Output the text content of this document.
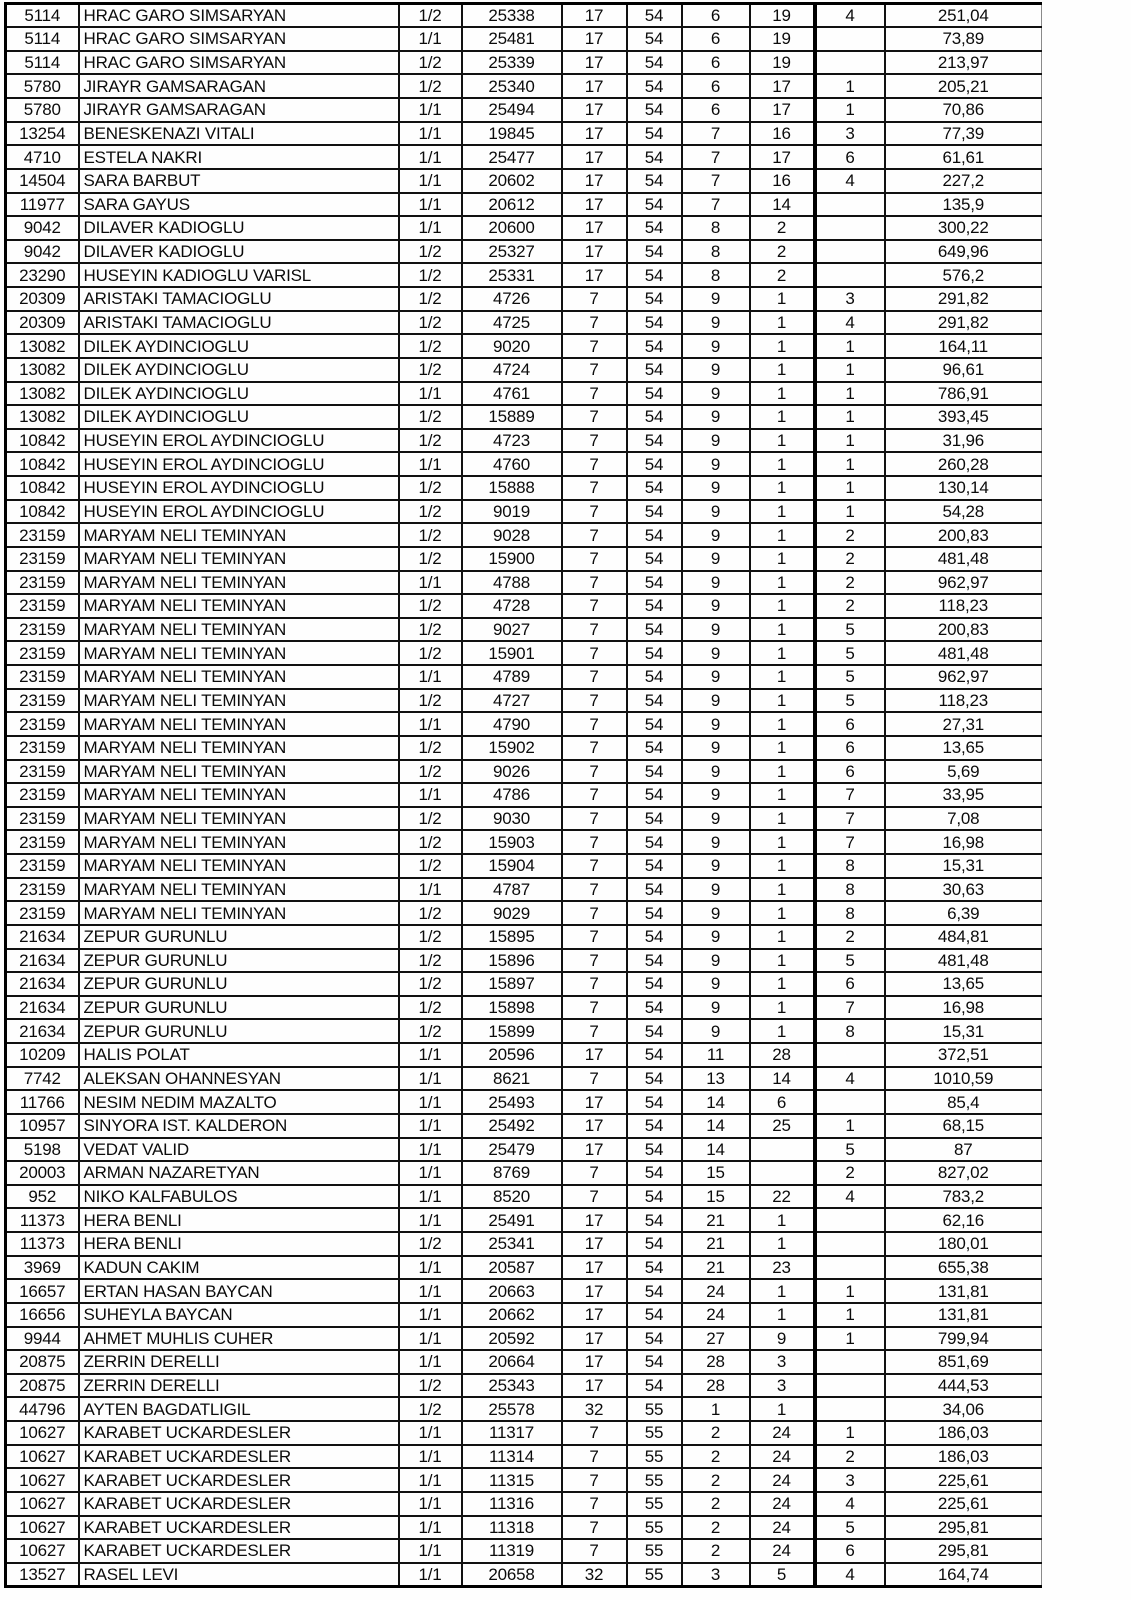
5114	HRAC GARO SIMSARYAN	1/2	25338	17	54	6	19	4	251,04
5114	HRAC GARO SIMSARYAN	1/1	25481	17	54	6	19		73,89
5114	HRAC GARO SIMSARYAN	1/2	25339	17	54	6	19		213,97
5780	JIRAYR GAMSARAGAN	1/2	25340	17	54	6	17	1	205,21
5780	JIRAYR GAMSARAGAN	1/1	25494	17	54	6	17	1	70,86
13254	BENESKENAZI VITALI	1/1	19845	17	54	7	16	3	77,39
4710	ESTELA NAKRI	1/1	25477	17	54	7	17	6	61,61
14504	SARA BARBUT	1/1	20602	17	54	7	16	4	227,2
11977	SARA GAYUS	1/1	20612	17	54	7	14		135,9
9042	DILAVER KADIOGLU	1/1	20600	17	54	8	2		300,22
9042	DILAVER KADIOGLU	1/2	25327	17	54	8	2		649,96
23290	HUSEYIN KADIOGLU VARISL	1/2	25331	17	54	8	2		576,2
20309	ARISTAKI TAMACIOGLU	1/2	4726	7	54	9	1	3	291,82
20309	ARISTAKI TAMACIOGLU	1/2	4725	7	54	9	1	4	291,82
13082	DILEK AYDINCIOGLU	1/2	9020	7	54	9	1	1	164,11
13082	DILEK AYDINCIOGLU	1/2	4724	7	54	9	1	1	96,61
13082	DILEK AYDINCIOGLU	1/1	4761	7	54	9	1	1	786,91
13082	DILEK AYDINCIOGLU	1/2	15889	7	54	9	1	1	393,45
10842	HUSEYIN EROL AYDINCIOGLU	1/2	4723	7	54	9	1	1	31,96
10842	HUSEYIN EROL AYDINCIOGLU	1/1	4760	7	54	9	1	1	260,28
10842	HUSEYIN EROL AYDINCIOGLU	1/2	15888	7	54	9	1	1	130,14
10842	HUSEYIN EROL AYDINCIOGLU	1/2	9019	7	54	9	1	1	54,28
23159	MARYAM NELI TEMINYAN	1/2	9028	7	54	9	1	2	200,83
23159	MARYAM NELI TEMINYAN	1/2	15900	7	54	9	1	2	481,48
23159	MARYAM NELI TEMINYAN	1/1	4788	7	54	9	1	2	962,97
23159	MARYAM NELI TEMINYAN	1/2	4728	7	54	9	1	2	118,23
23159	MARYAM NELI TEMINYAN	1/2	9027	7	54	9	1	5	200,83
23159	MARYAM NELI TEMINYAN	1/2	15901	7	54	9	1	5	481,48
23159	MARYAM NELI TEMINYAN	1/1	4789	7	54	9	1	5	962,97
23159	MARYAM NELI TEMINYAN	1/2	4727	7	54	9	1	5	118,23
23159	MARYAM NELI TEMINYAN	1/1	4790	7	54	9	1	6	27,31
23159	MARYAM NELI TEMINYAN	1/2	15902	7	54	9	1	6	13,65
23159	MARYAM NELI TEMINYAN	1/2	9026	7	54	9	1	6	5,69
23159	MARYAM NELI TEMINYAN	1/1	4786	7	54	9	1	7	33,95
23159	MARYAM NELI TEMINYAN	1/2	9030	7	54	9	1	7	7,08
23159	MARYAM NELI TEMINYAN	1/2	15903	7	54	9	1	7	16,98
23159	MARYAM NELI TEMINYAN	1/2	15904	7	54	9	1	8	15,31
23159	MARYAM NELI TEMINYAN	1/1	4787	7	54	9	1	8	30,63
23159	MARYAM NELI TEMINYAN	1/2	9029	7	54	9	1	8	6,39
21634	ZEPUR GURUNLU	1/2	15895	7	54	9	1	2	484,81
21634	ZEPUR GURUNLU	1/2	15896	7	54	9	1	5	481,48
21634	ZEPUR GURUNLU	1/2	15897	7	54	9	1	6	13,65
21634	ZEPUR GURUNLU	1/2	15898	7	54	9	1	7	16,98
21634	ZEPUR GURUNLU	1/2	15899	7	54	9	1	8	15,31
10209	HALIS POLAT	1/1	20596	17	54	11	28		372,51
7742	ALEKSAN OHANNESYAN	1/1	8621	7	54	13	14	4	1010,59
11766	NESIM NEDIM MAZALTO	1/1	25493	17	54	14	6		85,4
10957	SINYORA IST. KALDERON	1/1	25492	17	54	14	25	1	68,15
5198	VEDAT VALID	1/1	25479	17	54	14		5	87
20003	ARMAN NAZARETYAN	1/1	8769	7	54	15		2	827,02
952	NIKO KALFABULOS	1/1	8520	7	54	15	22	4	783,2
11373	HERA BENLI	1/1	25491	17	54	21	1		62,16
11373	HERA BENLI	1/2	25341	17	54	21	1		180,01
3969	KADUN CAKIM	1/1	20587	17	54	21	23		655,38
16657	ERTAN HASAN BAYCAN	1/1	20663	17	54	24	1	1	131,81
16656	SUHEYLA BAYCAN	1/1	20662	17	54	24	1	1	131,81
9944	AHMET MUHLIS CUHER	1/1	20592	17	54	27	9	1	799,94
20875	ZERRIN DERELLI	1/1	20664	17	54	28	3		851,69
20875	ZERRIN DERELLI	1/2	25343	17	54	28	3		444,53
44796	AYTEN BAGDATLIGIL	1/2	25578	32	55	1	1		34,06
10627	KARABET UCKARDESLER	1/1	11317	7	55	2	24	1	186,03
10627	KARABET UCKARDESLER	1/1	11314	7	55	2	24	2	186,03
10627	KARABET UCKARDESLER	1/1	11315	7	55	2	24	3	225,61
10627	KARABET UCKARDESLER	1/1	11316	7	55	2	24	4	225,61
10627	KARABET UCKARDESLER	1/1	11318	7	55	2	24	5	295,81
10627	KARABET UCKARDESLER	1/1	11319	7	55	2	24	6	295,81
13527	RASEL LEVI	1/1	20658	32	55	3	5	4	164,74
